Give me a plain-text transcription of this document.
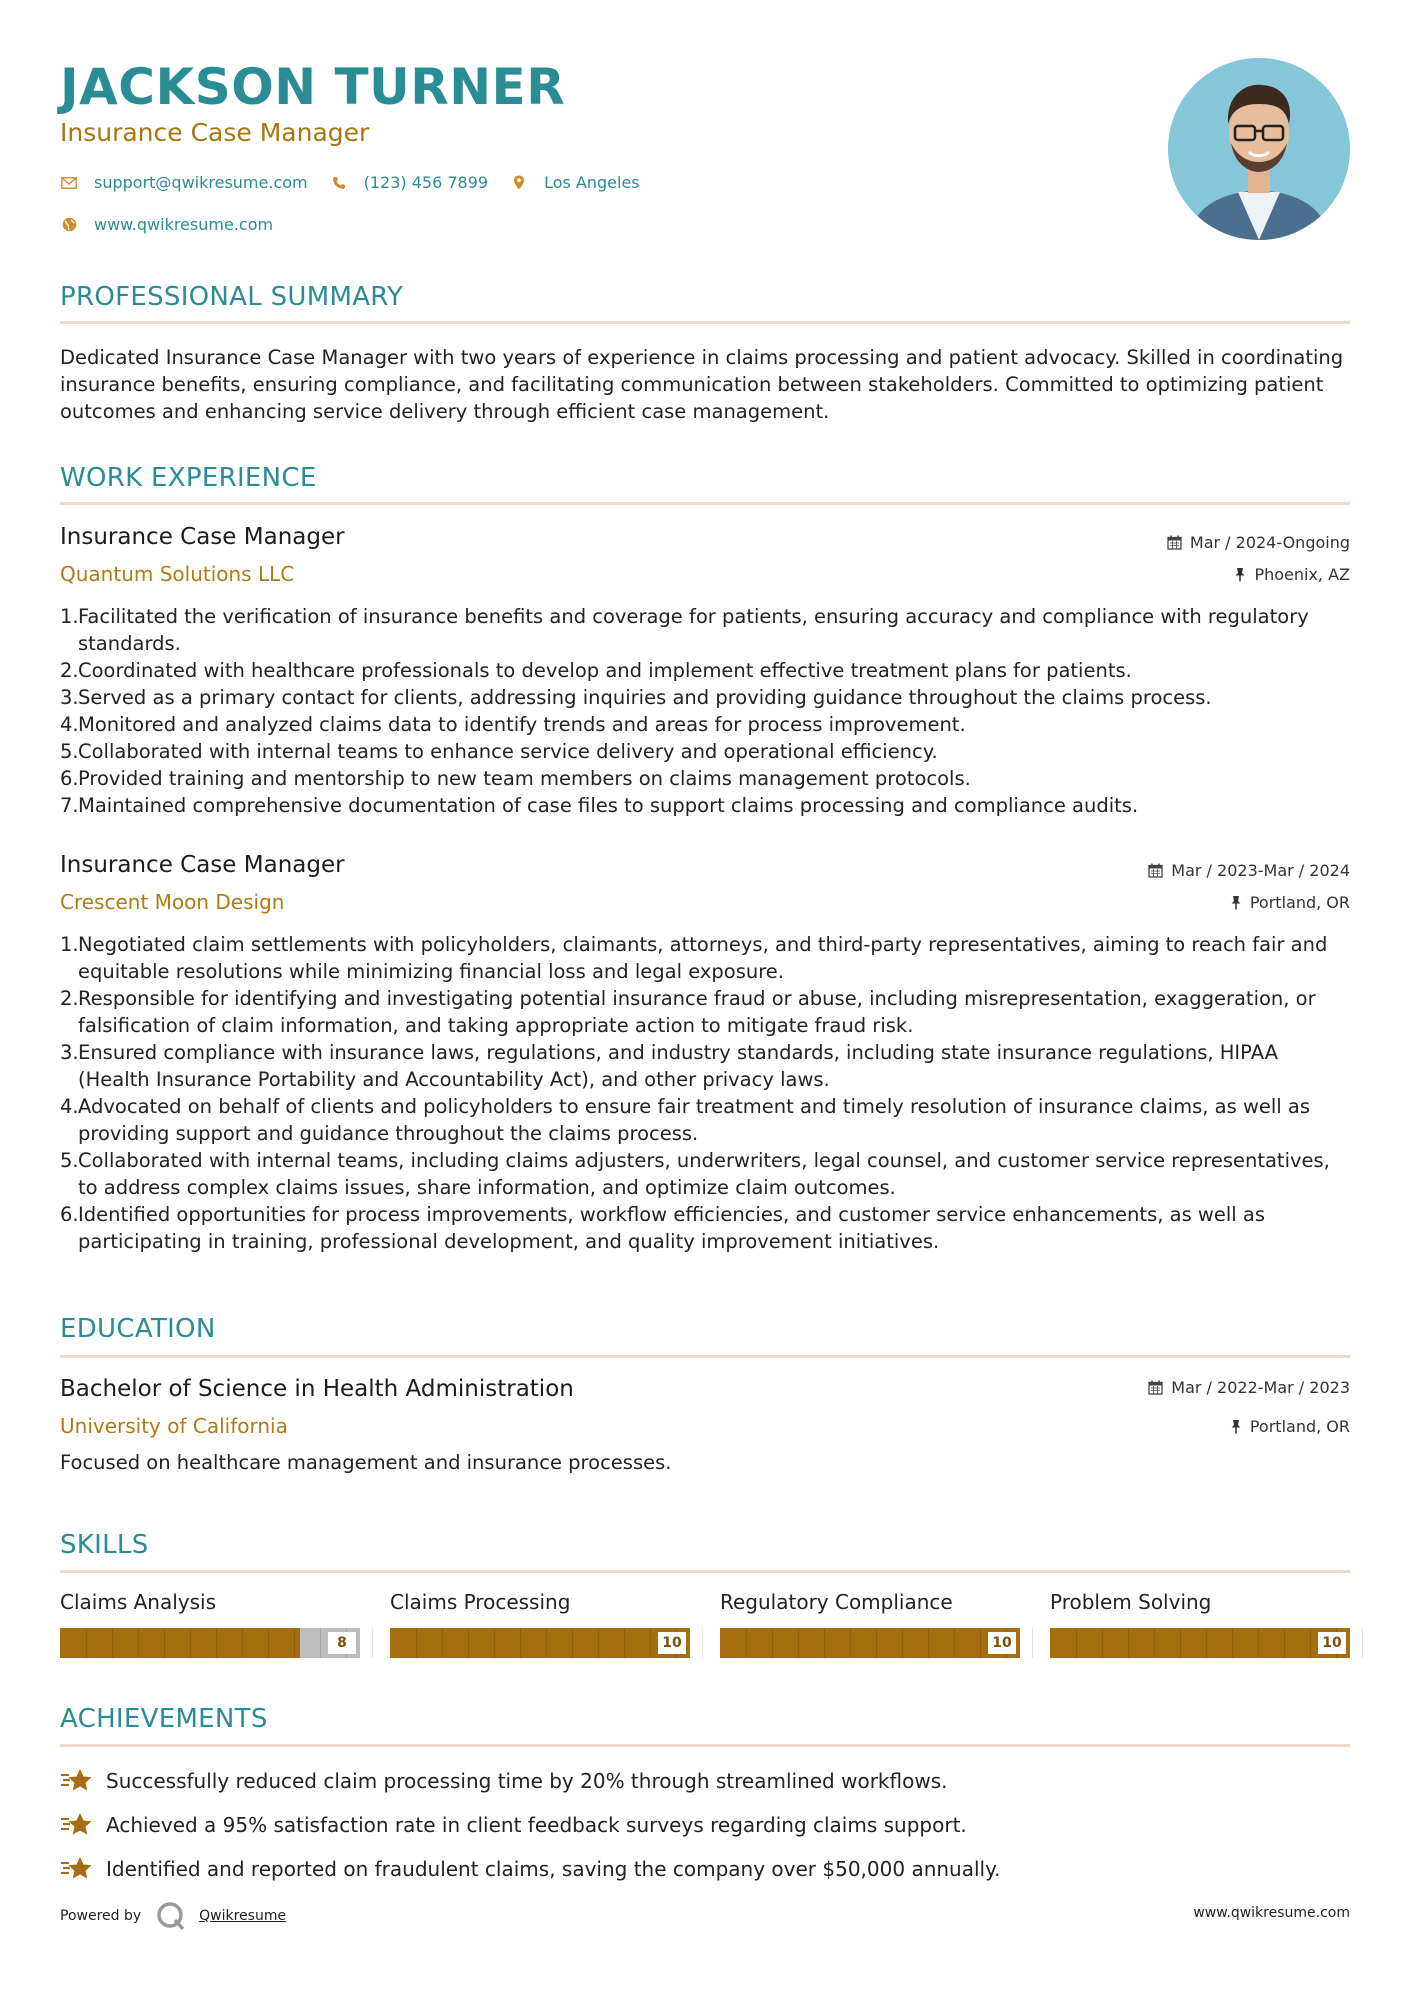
JACKSON TURNER
Insurance Case Manager
support@qwikresume.com	(123) 456 7899	Los Angeles
www.qwikresume.com
PROFESSIONAL SUMMARY
Dedicated Insurance Case Manager with two years of experience in claims processing and patient advocacy. Skilled in coordinating insurance benefits, ensuring compliance, and facilitating communication between stakeholders. Committed to optimizing patient outcomes and enhancing service delivery through efficient case management.
WORK EXPERIENCE
Insurance Case Manager
Quantum Solutions LLC
Mar / 2024-Ongoing
Phoenix, AZ
Facilitated the verification of insurance benefits and coverage for patients, ensuring accuracy and compliance with regulatory standards.
Coordinated with healthcare professionals to develop and implement effective treatment plans for patients.
Served as a primary contact for clients, addressing inquiries and providing guidance throughout the claims process.
Monitored and analyzed claims data to identify trends and areas for process improvement.
Collaborated with internal teams to enhance service delivery and operational efficiency.
Provided training and mentorship to new team members on claims management protocols.
Maintained comprehensive documentation of case files to support claims processing and compliance audits.
Insurance Case Manager
Crescent Moon Design
Mar / 2023-Mar / 2024
Portland, OR
Negotiated claim settlements with policyholders, claimants, attorneys, and third-party representatives, aiming to reach fair and equitable resolutions while minimizing financial loss and legal exposure.
Responsible for identifying and investigating potential insurance fraud or abuse, including misrepresentation, exaggeration, or falsification of claim information, and taking appropriate action to mitigate fraud risk.
Ensured compliance with insurance laws, regulations, and industry standards, including state insurance regulations, HIPAA (Health Insurance Portability and Accountability Act), and other privacy laws.
Advocated on behalf of clients and policyholders to ensure fair treatment and timely resolution of insurance claims, as well as providing support and guidance throughout the claims process.
Collaborated with internal teams, including claims adjusters, underwriters, legal counsel, and customer service representatives, to address complex claims issues, share information, and optimize claim outcomes.
Identified opportunities for process improvements, workflow efficiencies, and customer service enhancements, as well as participating in training, professional development, and quality improvement initiatives.
EDUCATION
Bachelor of Science in Health Administration
University of California
Mar / 2022-Mar / 2023
Portland, OR
Focused on healthcare management and insurance processes.
SKILLS
Claims Analysis
8
Claims Processing
10
Regulatory Compliance
10
Problem Solving
10
ACHIEVEMENTS
Successfully reduced claim processing time by 20% through streamlined workflows.
Achieved a 95% satisfaction rate in client feedback surveys regarding claims support.
Identified and reported on fraudulent claims, saving the company over $50,000 annually.
Powered by	Qwikresume	www.qwikresume.com
